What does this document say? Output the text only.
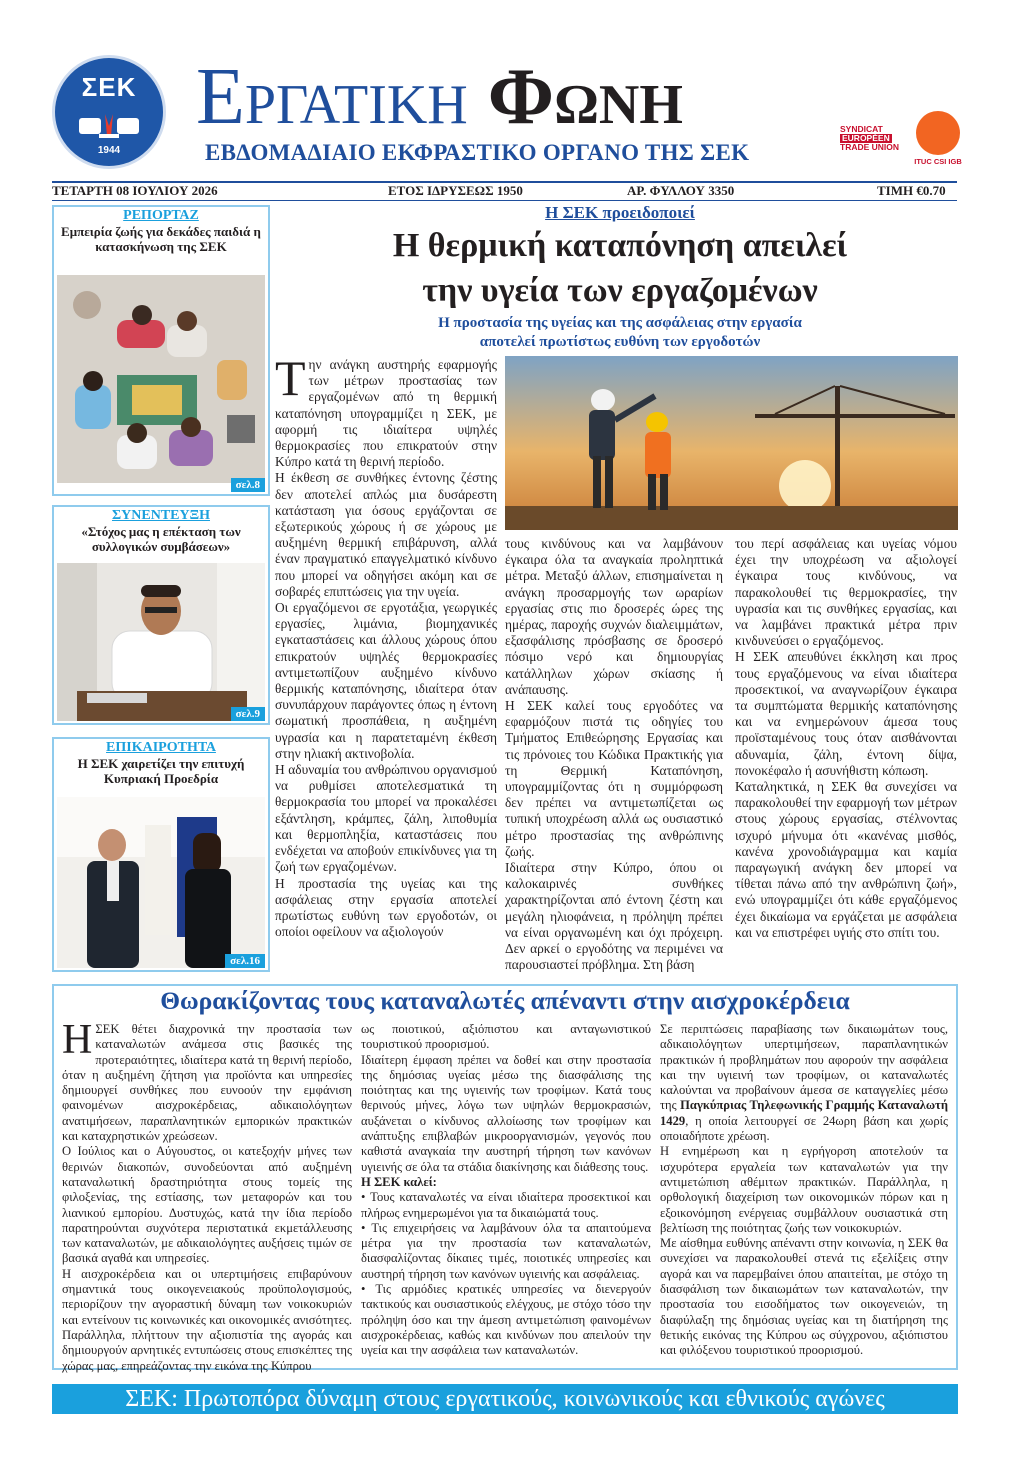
ΣΕΚ
1944
Εργατικη Φωνη
ΕΒΔΟΜΑΔΙΑΙΟ ΕΚΦΡΑΣΤΙΚΟ ΟΡΓΑΝΟ ΤΗΣ ΣΕΚ
SYNDICAT
EUROPÉEN
TRADE UNION
ITUC CSI IGB
ΤΕΤΑΡΤΗ 08 ΙΟΥΛΙΟΥ 2026	ΕΤΟΣ ΙΔΡΥΣΕΩΣ 1950	ΑΡ. ΦΥΛΛΟΥ 3350	ΤΙΜΗ €0.70
ΡΕΠΟΡΤΑΖ
Εμπειρία ζωής για δεκάδες παιδιά η κατασκήνωση της ΣΕΚ
σελ.8
ΣΥΝΕΝΤΕΥΞΗ
«Στόχος μας η επέκταση των συλλογικών συμβάσεων»
σελ.9
ΕΠΙΚΑΙΡΟΤΗΤΑ
Η ΣΕΚ χαιρετίζει την επιτυχή Κυπριακή Προεδρία
σελ.16
Η ΣΕΚ προειδοποιεί
Η θερμική καταπόνηση απειλεί
την υγεία των εργαζομένων
Η προστασία της υγείας και της ασφάλειας στην εργασία
αποτελεί πρωτίστως ευθύνη των εργοδοτών

Την ανάγκη αυστηρής εφαρμογής των μέτρων προστασίας των εργαζομένων από τη θερμική καταπόνηση υπογραμμίζει η ΣΕΚ, με αφορμή τις ιδιαίτερα υψηλές θερμοκρασίες που επικρατούν στην Κύπρο κατά τη θερινή περίοδο.

Η έκθεση σε συνθήκες έντονης ζέστης δεν αποτελεί απλώς μια δυσάρεστη κατάσταση για όσους εργάζονται σε εξωτερικούς χώρους ή σε χώρους με αυξημένη θερμική επιβάρυνση, αλλά έναν πραγματικό επαγγελματικό κίνδυνο που μπορεί να οδηγήσει ακόμη και σε σοβαρές επιπτώσεις για την υγεία.

Οι εργαζόμενοι σε εργοτάξια, γεωργικές εργασίες, λιμάνια, βιομηχανικές εγκαταστάσεις και άλλους χώρους όπου επικρατούν υψηλές θερμοκρασίες αντιμετωπίζουν αυξημένο κίνδυνο θερμικής καταπόνησης, ιδιαίτερα όταν συνυπάρχουν παράγοντες όπως η έντονη σωματική προσπάθεια, η αυξημένη υγρασία και η παρατεταμένη έκθεση στην ηλιακή ακτινοβολία.

Η αδυναμία του ανθρώπινου οργανισμού να ρυθμίσει αποτελεσματικά τη θερμοκρασία του μπορεί να προκαλέσει εξάντληση, κράμπες, ζάλη, λιποθυμία και θερμοπληξία, καταστάσεις που ενδέχεται να αποβούν επικίνδυνες για τη ζωή των εργαζομένων.

Η προστασία της υγείας και της ασφάλειας στην εργασία αποτελεί πρωτίστως ευθύνη των εργοδοτών, οι οποίοι οφείλουν να αξιολογούν

τους κινδύνους και να λαμβάνουν έγκαιρα όλα τα αναγκαία προληπτικά μέτρα. Μεταξύ άλλων, επισημαίνεται η ανάγκη προσαρμογής των ωραρίων εργασίας στις πιο δροσερές ώρες της ημέρας, παροχής συχνών διαλειμμάτων, εξασφάλισης πρόσβασης σε δροσερό πόσιμο νερό και δημιουργίας κατάλληλων χώρων σκίασης ή ανάπαυσης.

Η ΣΕΚ καλεί τους εργοδότες να εφαρμόζουν πιστά τις οδηγίες του Τμήματος Επιθεώρησης Εργασίας και τις πρόνοιες του Κώδικα Πρακτικής για τη Θερμική Καταπόνηση, υπογραμμίζοντας ότι η συμμόρφωση δεν πρέπει να αντιμετωπίζεται ως τυπική υποχρέωση αλλά ως ουσιαστικό μέτρο προστασίας της ανθρώπινης ζωής.

Ιδιαίτερα στην Κύπρο, όπου οι καλοκαιρινές συνθήκες χαρακτηρίζονται από έντονη ζέστη και μεγάλη ηλιοφάνεια, η πρόληψη πρέπει να είναι οργανωμένη και όχι πρόχειρη. Δεν αρκεί ο εργοδότης να περιμένει να παρουσιαστεί πρόβλημα. Στη βάση

του περί ασφάλειας και υγείας νόμου έχει την υποχρέωση να αξιολογεί έγκαιρα τους κινδύνους, να παρακολουθεί τις θερμοκρασίες, την υγρασία και τις συνθήκες εργασίας, και να λαμβάνει πρακτικά μέτρα πριν κινδυνεύσει ο εργαζόμενος.

Η ΣΕΚ απευθύνει έκκληση και προς τους εργαζόμενους να είναι ιδιαίτερα προσεκτικοί, να αναγνωρίζουν έγκαιρα τα συμπτώματα θερμικής καταπόνησης και να ενημερώνουν άμεσα τους προϊσταμένους τους όταν αισθάνονται αδυναμία, ζάλη, έντονη δίψα, πονοκέφαλο ή ασυνήθιστη κόπωση.

Καταληκτικά, η ΣΕΚ θα συνεχίσει να παρακολουθεί την εφαρμογή των μέτρων στους χώρους εργασίας, στέλνοντας ισχυρό μήνυμα ότι «κανένας μισθός, κανένα χρονοδιάγραμμα και καμία παραγωγική ανάγκη δεν μπορεί να τίθεται πάνω από την ανθρώπινη ζωή», ενώ υπογραμμίζει ότι κάθε εργαζόμενος έχει δικαίωμα να εργάζεται με ασφάλεια και να επιστρέφει υγιής στο σπίτι του.

Θωρακίζοντας τους καταναλωτές απέναντι στην αισχροκέρδεια

ΗΣΕΚ θέτει διαχρονικά την προστασία των καταναλωτών ανάμεσα στις βασικές της προτεραιότητες, ιδιαίτερα κατά τη θερινή περίοδο, όταν η αυξημένη ζήτηση για προϊόντα και υπηρεσίες δημιουργεί συνθήκες που ευνοούν την εμφάνιση φαινομένων αισχροκέρδειας, αδικαιολόγητων ανατιμήσεων, παραπλανητικών εμπορικών πρακτικών και καταχρηστικών χρεώσεων.

Ο Ιούλιος και ο Αύγουστος, οι κατεξοχήν μήνες των θερινών διακοπών, συνοδεύονται από αυξημένη καταναλωτική δραστηριότητα στους τομείς της φιλοξενίας, της εστίασης, των μεταφορών και του λιανικού εμπορίου. Δυστυχώς, κατά την ίδια περίοδο παρατηρούνται συχνότερα περιστατικά εκμετάλλευσης των καταναλωτών, με αδικαιολόγητες αυξήσεις τιμών σε βασικά αγαθά και υπηρεσίες.

Η αισχροκέρδεια και οι υπερτιμήσεις επιβαρύνουν σημαντικά τους οικογενειακούς προϋπολογισμούς, περιορίζουν την αγοραστική δύναμη των νοικοκυριών και εντείνουν τις κοινωνικές και οικονομικές ανισότητες. Παράλληλα, πλήττουν την αξιοπιστία της αγοράς και δημιουργούν αρνητικές εντυπώσεις στους επισκέπτες της χώρας μας, επηρεάζοντας την εικόνα της Κύπρου

ως ποιοτικού, αξιόπιστου και ανταγωνιστικού τουριστικού προορισμού.

Ιδιαίτερη έμφαση πρέπει να δοθεί και στην προστασία της δημόσιας υγείας μέσω της διασφάλισης της ποιότητας και της υγιεινής των τροφίμων. Κατά τους θερινούς μήνες, λόγω των υψηλών θερμοκρασιών, αυξάνεται ο κίνδυνος αλλοίωσης των τροφίμων και ανάπτυξης επιβλαβών μικροοργανισμών, γεγονός που καθιστά αναγκαία την αυστηρή τήρηση των κανόνων υγιεινής σε όλα τα στάδια διακίνησης και διάθεσης τους.

Η ΣΕΚ καλεί:

• Τους καταναλωτές να είναι ιδιαίτερα προσεκτικοί και πλήρως ενημερωμένοι για τα δικαιώματά τους.

• Τις επιχειρήσεις να λαμβάνουν όλα τα απαιτούμενα μέτρα για την προστασία των καταναλωτών, διασφαλίζοντας δίκαιες τιμές, ποιοτικές υπηρεσίες και αυστηρή τήρηση των κανόνων υγιεινής και ασφάλειας.

• Τις αρμόδιες κρατικές υπηρεσίες να διενεργούν τακτικούς και ουσιαστικούς ελέγχους, με στόχο τόσο την πρόληψη όσο και την άμεση αντιμετώπιση φαινομένων αισχροκέρδειας, καθώς και κινδύνων που απειλούν την υγεία και την ασφάλεια των καταναλωτών.

Σε περιπτώσεις παραβίασης των δικαιωμάτων τους, αδικαιολόγητων υπερτιμήσεων, παραπλανητικών πρακτικών ή προβλημάτων που αφορούν την ασφάλεια και την υγιεινή των τροφίμων, οι καταναλωτές καλούνται να προβαίνουν άμεσα σε καταγγελίες μέσω της Παγκύπριας Τηλεφωνικής Γραμμής Καταναλωτή 1429, η οποία λειτουργεί σε 24ωρη βάση και χωρίς οποιαδήποτε χρέωση.

Η ενημέρωση και η εγρήγορση αποτελούν τα ισχυρότερα εργαλεία των καταναλωτών για την αντιμετώπιση αθέμιτων πρακτικών. Παράλληλα, η ορθολογική διαχείριση των οικονομικών πόρων και η εξοικονόμηση ενέργειας συμβάλλουν ουσιαστικά στη βελτίωση της ποιότητας ζωής των νοικοκυριών.

Με αίσθημα ευθύνης απέναντι στην κοινωνία, η ΣΕΚ θα συνεχίσει να παρακολουθεί στενά τις εξελίξεις στην αγορά και να παρεμβαίνει όπου απαιτείται, με στόχο τη διασφάλιση των δικαιωμάτων των καταναλωτών, την προστασία του εισοδήματος των οικογενειών, τη διαφύλαξη της δημόσιας υγείας και τη διατήρηση της θετικής εικόνας της Κύπρου ως σύγχρονου, αξιόπιστου και φιλόξενου τουριστικού προορισμού.

ΣΕΚ: Πρωτοπόρα δύναμη στους εργατικούς, κοινωνικούς και εθνικούς αγώνες
